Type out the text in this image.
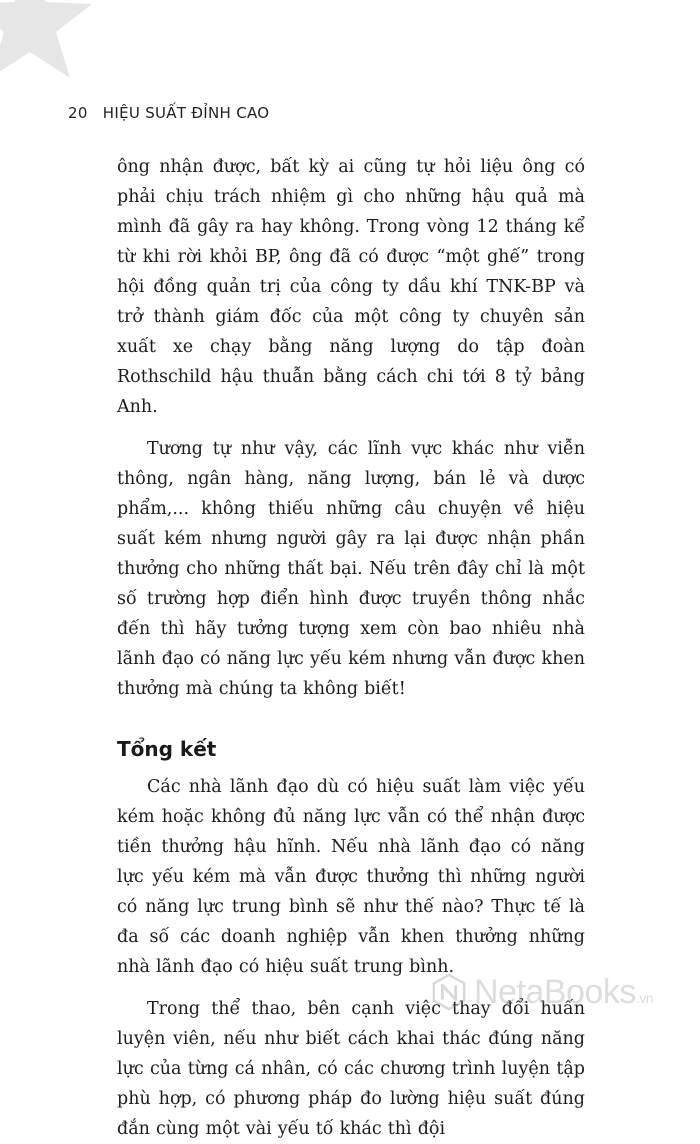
20 HIỆU SUẤT ĐỈNH CAO

ông nhận được, bất kỳ ai cũng tự hỏi liệu ông có phải chịu trách nhiệm gì cho những hậu quả mà mình đã gây ra hay không. Trong vòng 12 tháng kể từ khi rời khỏi BP, ông đã có được “một ghế” trong hội đồng quản trị của công ty dầu khí TNK-BP và trở thành giám đốc của một công ty chuyên sản xuất xe chạy bằng năng lượng do tập đoàn Rothschild hậu thuẫn bằng cách chi tới 8 tỷ bảng Anh.

Tương tự như vậy, các lĩnh vực khác như viễn thông, ngân hàng, năng lượng, bán lẻ và dược phẩm,... không thiếu những câu chuyện về hiệu suất kém nhưng người gây ra lại được nhận phần thưởng cho những thất bại. Nếu trên đây chỉ là một số trường hợp điển hình được truyền thông nhắc đến thì hãy tưởng tượng xem còn bao nhiêu nhà lãnh đạo có năng lực yếu kém nhưng vẫn được khen thưởng mà chúng ta không biết!

Tổng kết

Các nhà lãnh đạo dù có hiệu suất làm việc yếu kém hoặc không đủ năng lực vẫn có thể nhận được tiền thưởng hậu hĩnh. Nếu nhà lãnh đạo có năng lực yếu kém mà vẫn được thưởng thì những người có năng lực trung bình sẽ như thế nào? Thực tế là đa số các doanh nghiệp vẫn khen thưởng những nhà lãnh đạo có hiệu suất trung bình.

Trong thể thao, bên cạnh việc thay đổi huấn luyện viên, nếu như biết cách khai thác đúng năng lực của từng cá nhân, có các chương trình luyện tập phù hợp, có phương pháp đo lường hiệu suất đúng đắn cùng một vài yếu tố khác thì đội

NetaBooks.vn
